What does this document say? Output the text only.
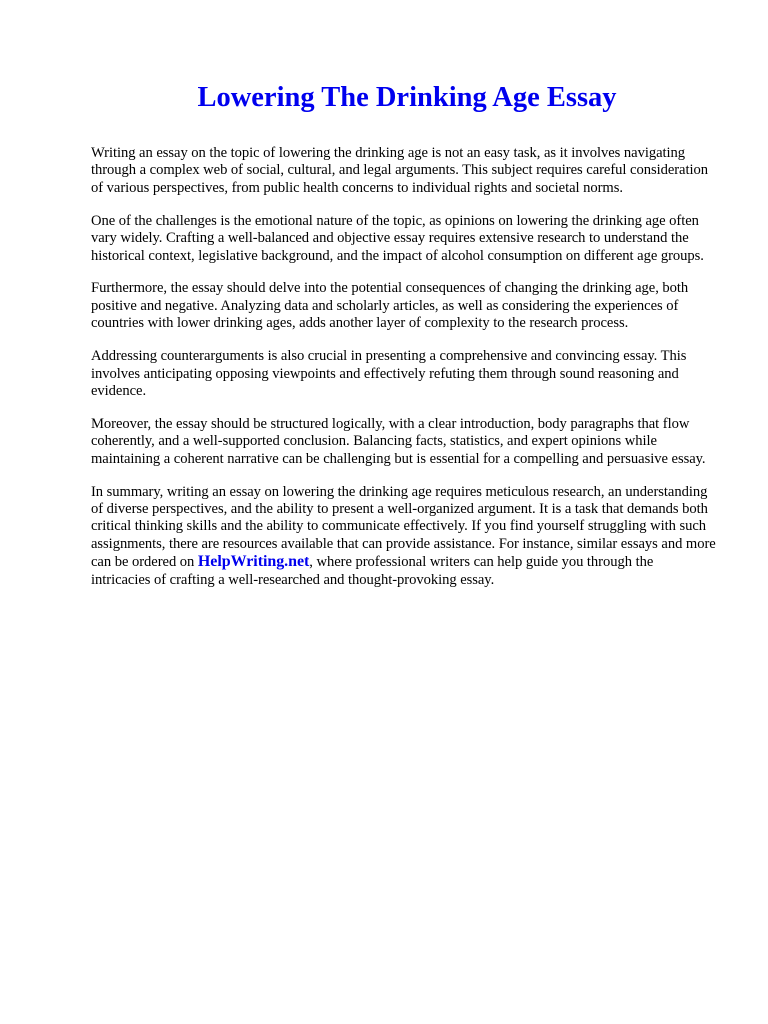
Lowering The Drinking Age Essay

Writing an essay on the topic of lowering the drinking age is not an easy task, as it involves navigating through a complex web of social, cultural, and legal arguments. This subject requires careful consideration of various perspectives, from public health concerns to individual rights and societal norms.

One of the challenges is the emotional nature of the topic, as opinions on lowering the drinking age often vary widely. Crafting a well-balanced and objective essay requires extensive research to understand the historical context, legislative background, and the impact of alcohol consumption on different age groups.

Furthermore, the essay should delve into the potential consequences of changing the drinking age, both positive and negative. Analyzing data and scholarly articles, as well as considering the experiences of countries with lower drinking ages, adds another layer of complexity to the research process.

Addressing counterarguments is also crucial in presenting a comprehensive and convincing essay. This involves anticipating opposing viewpoints and effectively refuting them through sound reasoning and evidence.

Moreover, the essay should be structured logically, with a clear introduction, body paragraphs that flow coherently, and a well-supported conclusion. Balancing facts, statistics, and expert opinions while maintaining a coherent narrative can be challenging but is essential for a compelling and persuasive essay.

In summary, writing an essay on lowering the drinking age requires meticulous research, an understanding of diverse perspectives, and the ability to present a well-organized argument. It is a task that demands both critical thinking skills and the ability to communicate effectively. If you find yourself struggling with such assignments, there are resources available that can provide assistance. For instance, similar essays and more can be ordered on HelpWriting.net, where professional writers can help guide you through the intricacies of crafting a well-researched and thought-provoking essay.
